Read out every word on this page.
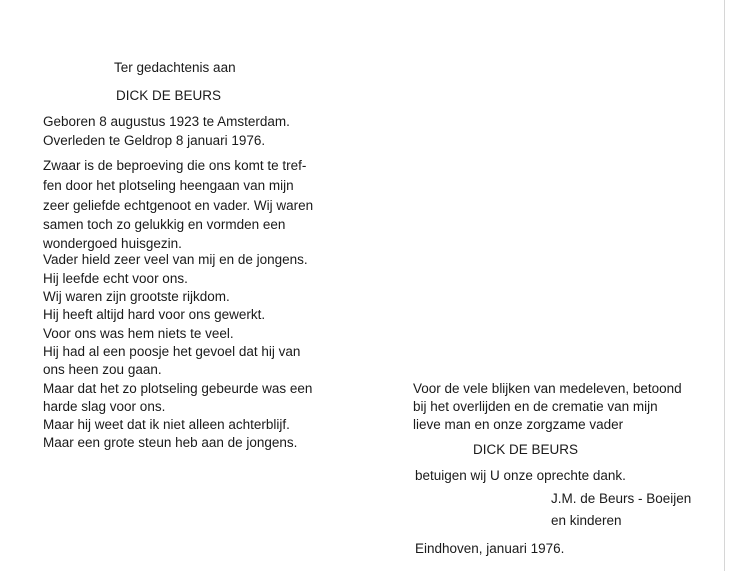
Ter gedachtenis aan
DICK DE BEURS
Geboren 8 augustus 1923 te Amsterdam.
Overleden te Geldrop 8 januari 1976.
Zwaar is de beproeving die ons komt te tref-
fen door het plotseling heengaan van mijn
zeer geliefde echtgenoot en vader. Wij waren
samen toch zo gelukkig en vormden een
wondergoed huisgezin.
Vader hield zeer veel van mij en de jongens.
Hij leefde echt voor ons.
Wij waren zijn grootste rijkdom.
Hij heeft altijd hard voor ons gewerkt.
Voor ons was hem niets te veel.
Hij had al een poosje het gevoel dat hij van
ons heen zou gaan.
Maar dat het zo plotseling gebeurde was een
harde slag voor ons.
Maar hij weet dat ik niet alleen achterblijf.
Maar een grote steun heb aan de jongens.
Voor de vele blijken van medeleven, betoond
bij het overlijden en de crematie van mijn
lieve man en onze zorgzame vader
DICK DE BEURS
betuigen wij U onze oprechte dank.
J.M. de Beurs - Boeijen
en kinderen
Eindhoven, januari 1976.
